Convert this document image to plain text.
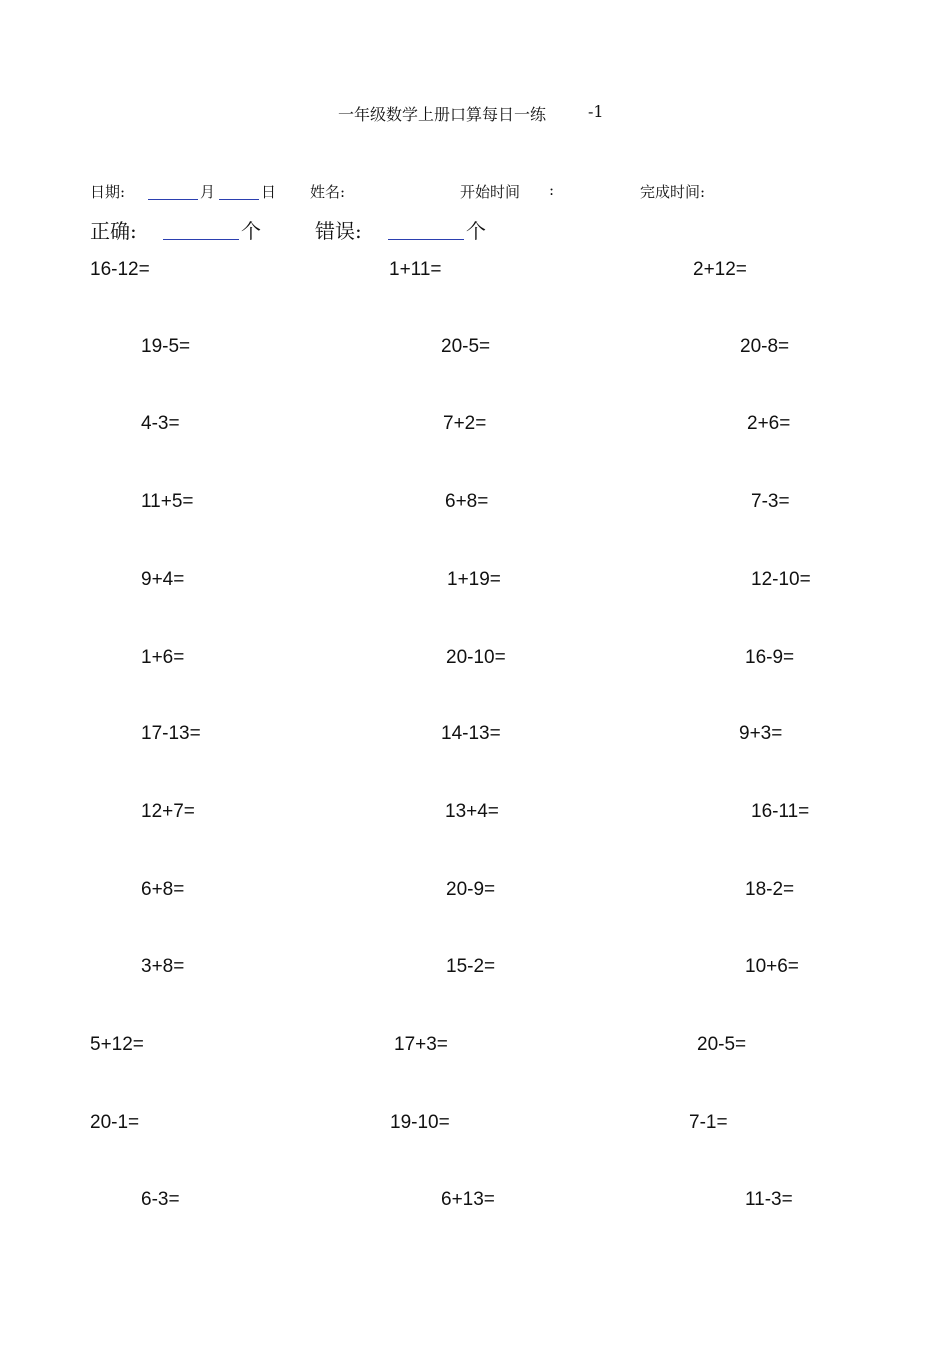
一年级数学上册口算每日一练	-1
日期:	月	日 姓名:	开始时间 :	完成时间:
正确:	个	错误:	个
16-12=	1+11=	2+12=
19-5=	20-5=	20-8=
4-3=	7+2=	2+6=
11+5=	6+8=	7-3=
9+4=	1+19=	12-10=
1+6=	20-10=	16-9=
17-13=	14-13=	9+3=
12+7=	13+4=	16-11=
6+8=	20-9=	18-2=
3+8=	15-2=	10+6=
5+12=	17+3=	20-5=
20-1=	19-10=	7-1=
6-3=	6+13=	11-3=
